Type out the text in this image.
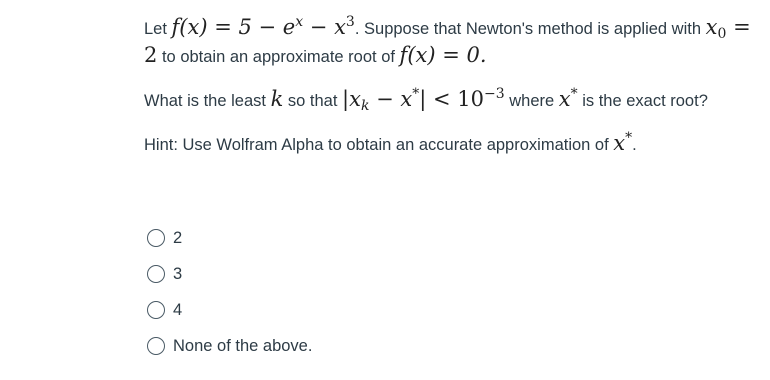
Let $f(x) = 5 - e^x - x^3$. Suppose that Newton's method is applied with $x_0 = 2$ to obtain an approximate root of f(x) = 0.

What is the least k so that $|x_k - x^*| < 10^{-3}$ where x* is the exact root?

Hint: Use Wolfram Alpha to obtain an accurate approximation of x*.

2
3
4
None of the above.
